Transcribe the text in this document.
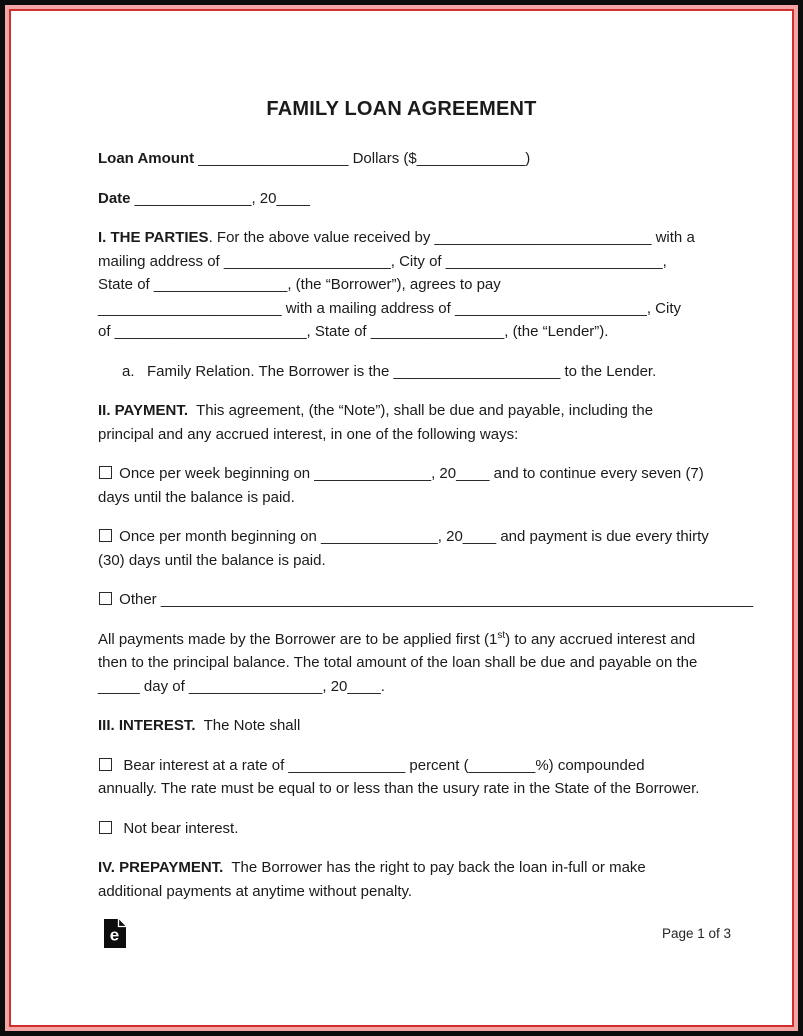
FAMILY LOAN AGREEMENT
Loan Amount __________________ Dollars ($_____________)
Date ______________, 20____
I. THE PARTIES. For the above value received by __________________________ with a
mailing address of ____________________, City of __________________________,
State of ________________, (the “Borrower”), agrees to pay
______________________ with a mailing address of _______________________, City
of _______________________, State of ________________, (the “Lender”).
a.   Family Relation. The Borrower is the ____________________ to the Lender.
II. PAYMENT.  This agreement, (the “Note”), shall be due and payable, including the
principal and any accrued interest, in one of the following ways:
Once per week beginning on ______________, 20____ and to continue every seven (7)
days until the balance is paid.
Once per month beginning on ______________, 20____ and payment is due every thirty
(30) days until the balance is paid.
Other _______________________________________________________________________
All payments made by the Borrower are to be applied first (1st) to any accrued interest and
then to the principal balance. The total amount of the loan shall be due and payable on the
_____ day of ________________, 20____.
III. INTEREST.  The Note shall
Bear interest at a rate of ______________ percent (________%) compounded
annually. The rate must be equal to or less than the usury rate in the State of the Borrower.
Not bear interest.
IV. PREPAYMENT.  The Borrower has the right to pay back the loan in-full or make
additional payments at anytime without penalty.
e	Page 1 of 3
